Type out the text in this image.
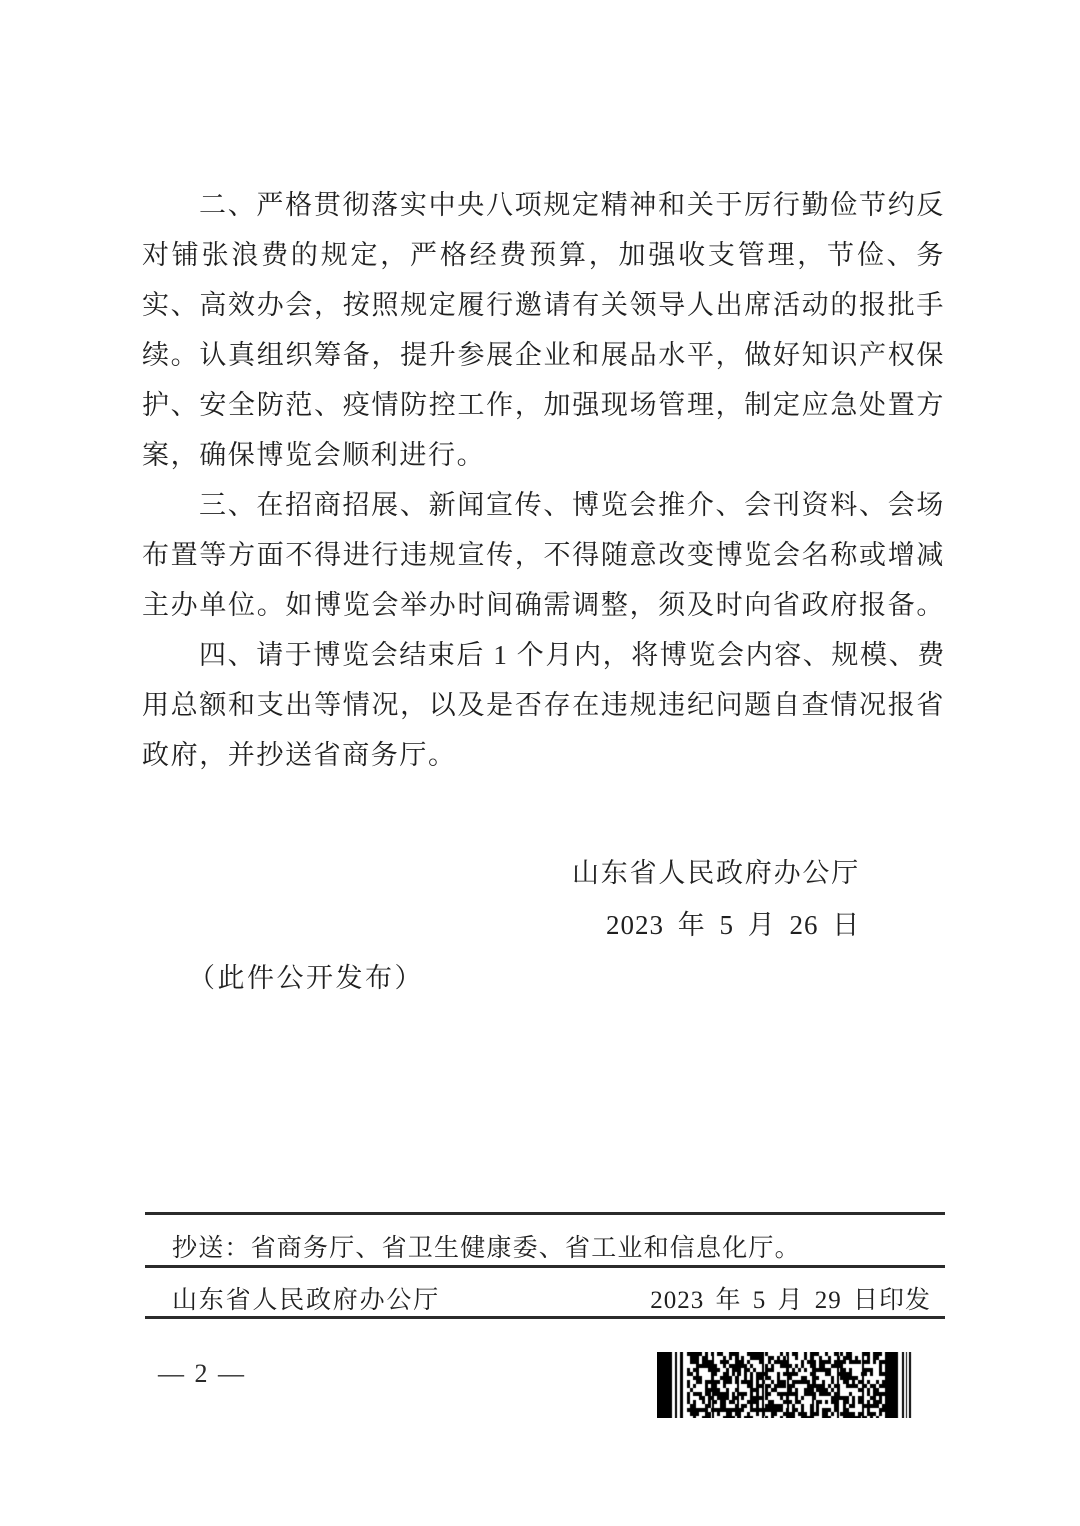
二、严格贯彻落实中央八项规定精神和关于厉行勤俭节约反
对铺张浪费的规定，严格经费预算，加强收支管理，节俭、务
实、高效办会，按照规定履行邀请有关领导人出席活动的报批手
续。认真组织筹备，提升参展企业和展品水平，做好知识产权保
护、安全防范、疫情防控工作，加强现场管理，制定应急处置方
案，确保博览会顺利进行。
三、在招商招展、新闻宣传、博览会推介、会刊资料、会场
布置等方面不得进行违规宣传，不得随意改变博览会名称或增减
主办单位。如博览会举办时间确需调整，须及时向省政府报备。
四、请于博览会结束后 1 个月内，将博览会内容、规模、费
用总额和支出等情况，以及是否存在违规违纪问题自查情况报省
政府，并抄送省商务厅。
山东省人民政府办公厅
2023 年 5 月 26 日
（此件公开发布）
抄送：省商务厅、省卫生健康委、省工业和信息化厅。
山东省人民政府办公厅	2023 年 5 月 29 日印发
— 2 —
